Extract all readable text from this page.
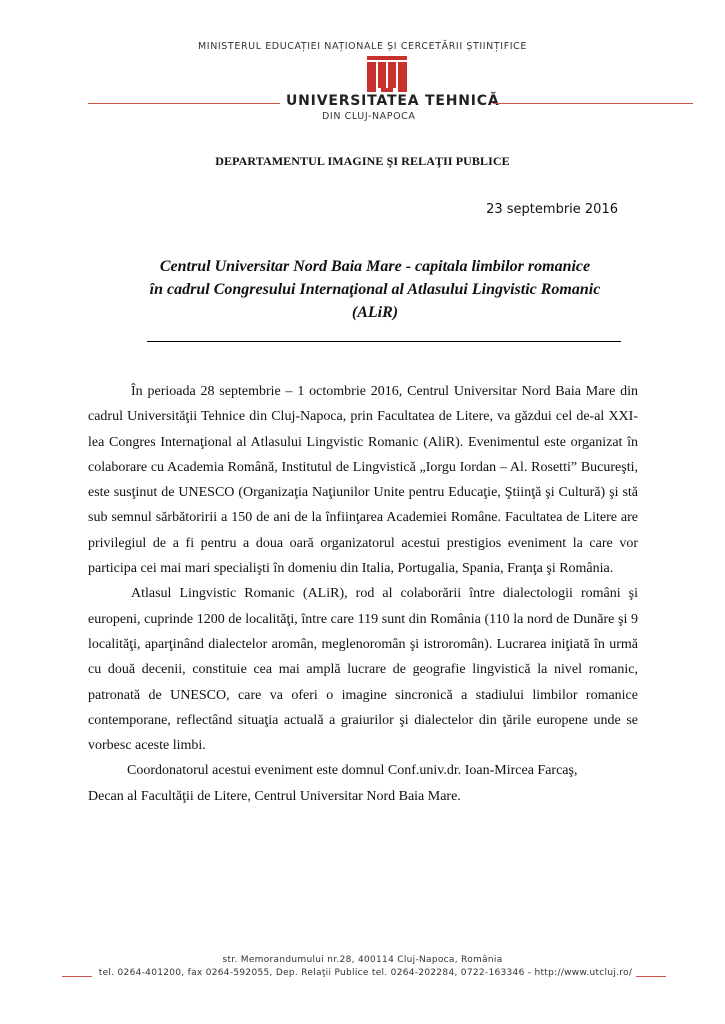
MINISTERUL EDUCAȚIEI NAȚIONALE ȘI CERCETĂRII ȘTIINȚIFICE
UNIVERSITATEA TEHNICĂ
DIN CLUJ-NAPOCA
DEPARTAMENTUL IMAGINE ŞI RELAŢII PUBLICE
23 septembrie 2016
Centrul Universitar Nord Baia Mare - capitala limbilor romanice
în cadrul Congresului Internaţional al Atlasului Lingvistic Romanic
(ALiR)

În perioada 28 septembrie – 1 octombrie 2016, Centrul Universitar Nord Baia Mare din cadrul Universităţii Tehnice din Cluj-Napoca, prin Facultatea de Litere, va găzdui cel de-al XXI-lea Congres Internaţional al Atlasului Lingvistic Romanic (AliR). Evenimentul este organizat în colaborare cu Academia Română, Institutul de Lingvistică „Iorgu Iordan – Al. Rosetti” Bucureşti, este susţinut de UNESCO (Organizaţia Naţiunilor Unite pentru Educaţie, Ştiinţă şi Cultură) şi stă sub semnul sărbătoririi a 150 de ani de la înfiinţarea Academiei Române. Facultatea de Litere are privilegiul de a fi pentru a doua oară organizatorul acestui prestigios eveniment la care vor participa cei mai mari specialişti în domeniu din Italia, Portugalia, Spania, Franţa şi România.

Atlasul Lingvistic Romanic (ALiR), rod al colaborării între dialectologii români şi europeni, cuprinde 1200 de localităţi, între care 119 sunt din România (110 la nord de Dunăre şi 9 localităţi, aparţinând dialectelor aromân, meglenoromân şi istroromân). Lucrarea iniţiată în urmă cu două decenii, constituie cea mai amplă lucrare de geografie lingvistică la nivel romanic, patronată de UNESCO, care va oferi o imagine sincronică a stadiului limbilor romanice contemporane, reflectând situaţia actuală a graiurilor şi dialectelor din ţările europene unde se vorbesc aceste limbi.

Coordonatorul acestui eveniment este domnul Conf.univ.dr. Ioan-Mircea Farcaş,
Decan al Facultăţii de Litere, Centrul Universitar Nord Baia Mare.

str. Memorandumului nr.28, 400114 Cluj-Napoca, România
tel. 0264-401200, fax 0264-592055, Dep. Relaţii Publice tel. 0264-202284, 0722-163346 - http://www.utcluj.ro/
